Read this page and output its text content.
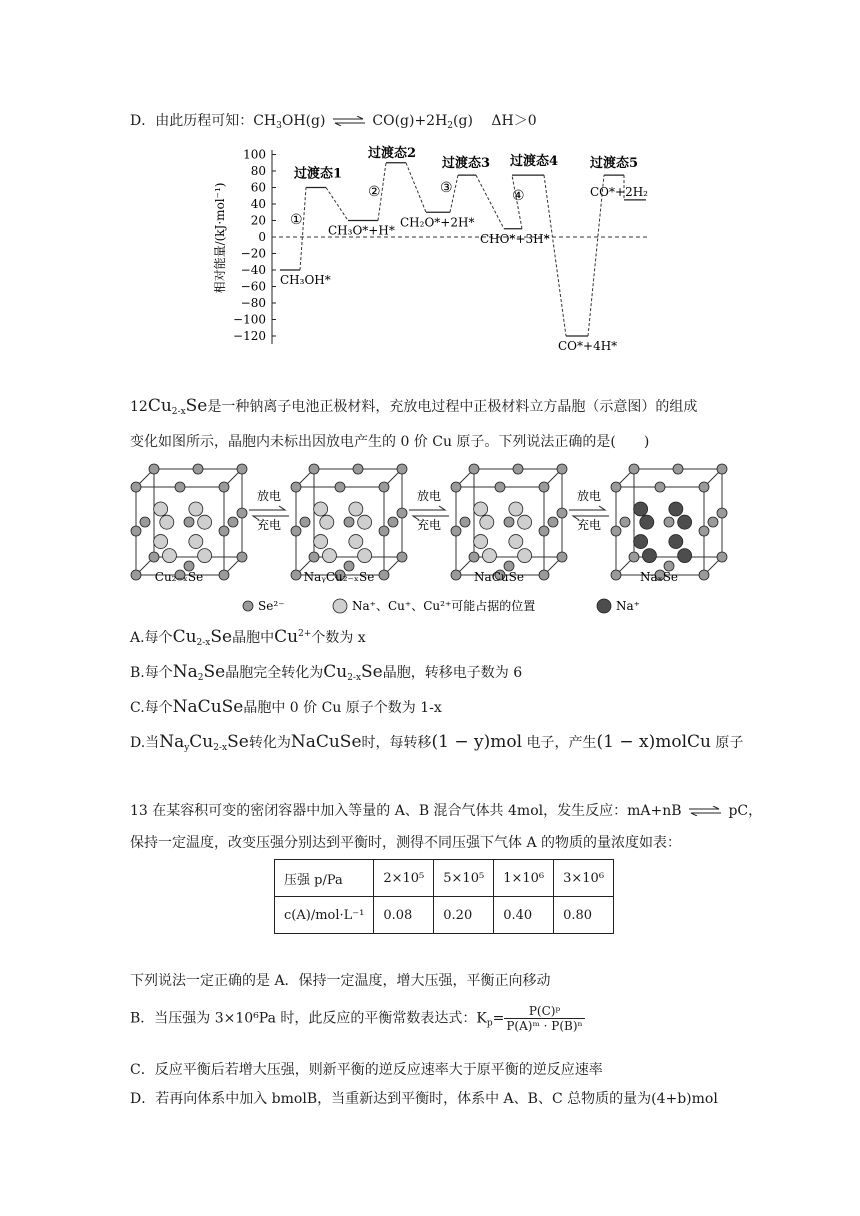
D．由此历程可知：$CH_3OH(g)$ ⇌ $CO(g)+2H_2(g)$ ΔH＞0
相对能量/(kJ·mol⁻¹)
100
80
60
40
20
0
−20
−40
−60
−80
−100
−120
CH₃OH*
过渡态1
CH₃O*+H*
过渡态2
CH₂O*+2H*
过渡态3
CHO*+3H*
过渡态4
CO*+4H*
过渡态5
CO*+2H₂
①
②	③	④
$12Cu_{2-x}Se$是一种钠离子电池正极材料，充放电过程中正极材料立方晶胞（示意图）的组成
变化如图所示，晶胞内未标出因放电产生的 0 价 Cu 原子。下列说法正确的是(　　)
放电
充电
放电
充电
放电
充电
Cu₂₋ₓSe	NaᵧCu₂₋ₓSe	NaCuSe	NaₓSe
Se²⁻	Na⁺、Cu⁺、Cu²⁺可能占据的位置	Na⁺
A.每个$Cu_{2-x}Se$晶胞中$Cu^{2+}$个数为 x
B.每个$Na_2Se$晶胞完全转化为$Cu_{2-x}Se$晶胞，转移电子数为 6
C.每个NaCuSe晶胞中 0 价 Cu 原子个数为 1-x
D.当$Na_yCu_{2-x}Se$转化为NaCuSe时，每转移(1 − y)mol 电子，产生(1 − x)molCu 原子
13 在某容积可变的密闭容器中加入等量的 A、B 混合气体共 4mol，发生反应：mA+nB ⇌ pC，
保持一定温度，改变压强分别达到平衡时，测得不同压强下气体 A 的物质的量浓度如表：
压强 p/Pa	2×10⁵	5×10⁵	1×10⁶	3×10⁶
c(A)/mol·L⁻¹	0.08	0.20	0.40	0.80
下列说法一定正确的是 A．保持一定温度，增大压强，平衡正向移动
B．当压强为 3×10⁶Pa 时，此反应的平衡常数表达式：$K_p= \frac{\text{P(C)ᵖ}}{\text{P(A)ᵐ · P(B)ⁿ}}$
C．反应平衡后若增大压强，则新平衡的逆反应速率大于原平衡的逆反应速率
D．若再向体系中加入 bmolB，当重新达到平衡时，体系中 A、B、C 总物质的量为(4+b)mol
